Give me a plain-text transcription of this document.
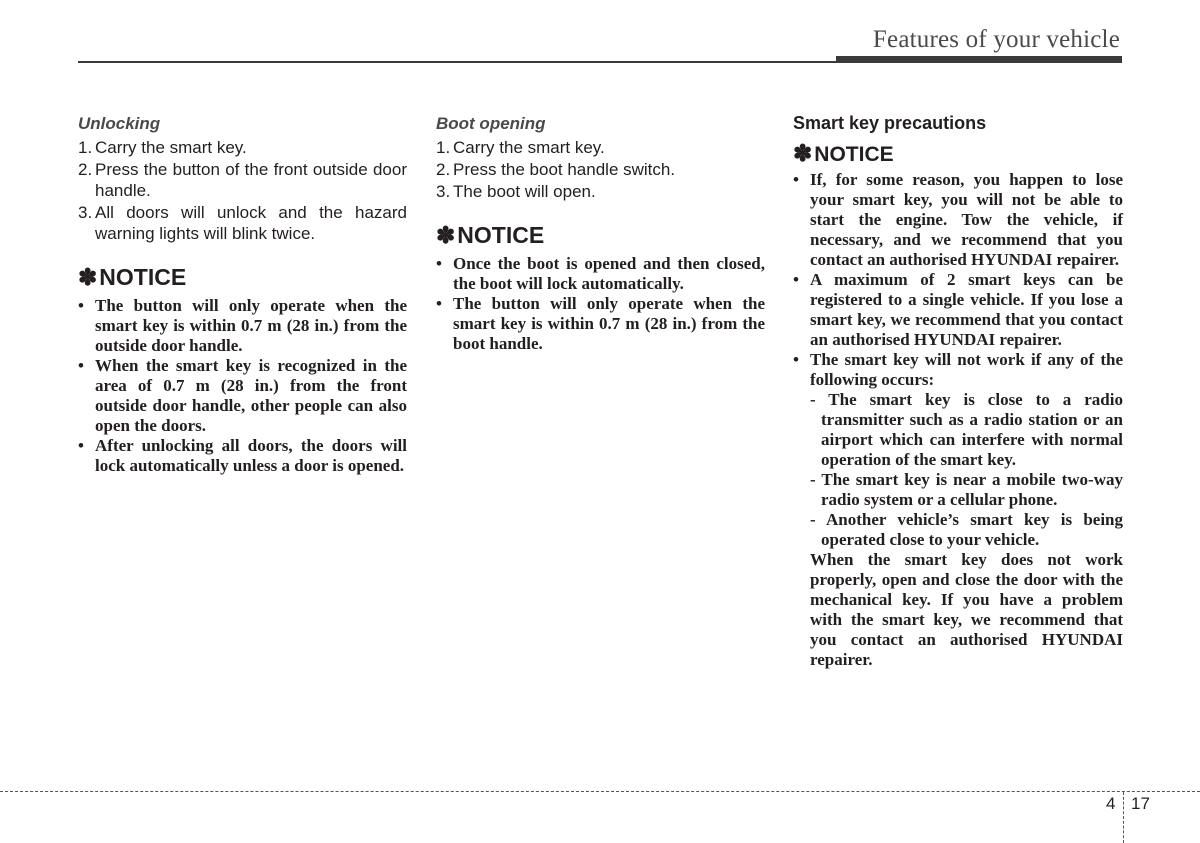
Features of your vehicle
Unlocking
1. Carry the smart key.
2. Press the button of the front outside door handle.
3. All doors will unlock and the hazard warning lights will blink twice.
✽NOTICE
• The button will only operate when the smart key is within 0.7 m (28 in.) from the outside door handle.
• When the smart key is recognized in the area of 0.7 m (28 in.) from the front outside door handle, other people can also open the doors.
• After unlocking all doors, the doors will lock automatically unless a door is opened.
Boot opening
1. Carry the smart key.
2. Press the boot handle switch.
3. The boot will open.
✽NOTICE
• Once the boot is opened and then closed, the boot will lock automatically.
• The button will only operate when the smart key is within 0.7 m (28 in.) from the boot handle.
Smart key precautions
✽NOTICE
• If, for some reason, you happen to lose your smart key, you will not be able to start the engine. Tow the vehicle, if necessary, and we recommend that you contact an authorised HYUNDAI repairer.
• A maximum of 2 smart keys can be registered to a single vehicle. If you lose a smart key, we recommend that you contact an authorised HYUNDAI repairer.
• The smart key will not work if any of the following occurs:
- The smart key is close to a radio transmitter such as a radio station or an airport which can interfere with normal operation of the smart key.
- The smart key is near a mobile two-way radio system or a cellular phone.
- Another vehicle’s smart key is being operated close to your vehicle.

When the smart key does not work properly, open and close the door with the mechanical key. If you have a problem with the smart key, we recommend that you contact an authorised HYUNDAI repairer.

4 17
